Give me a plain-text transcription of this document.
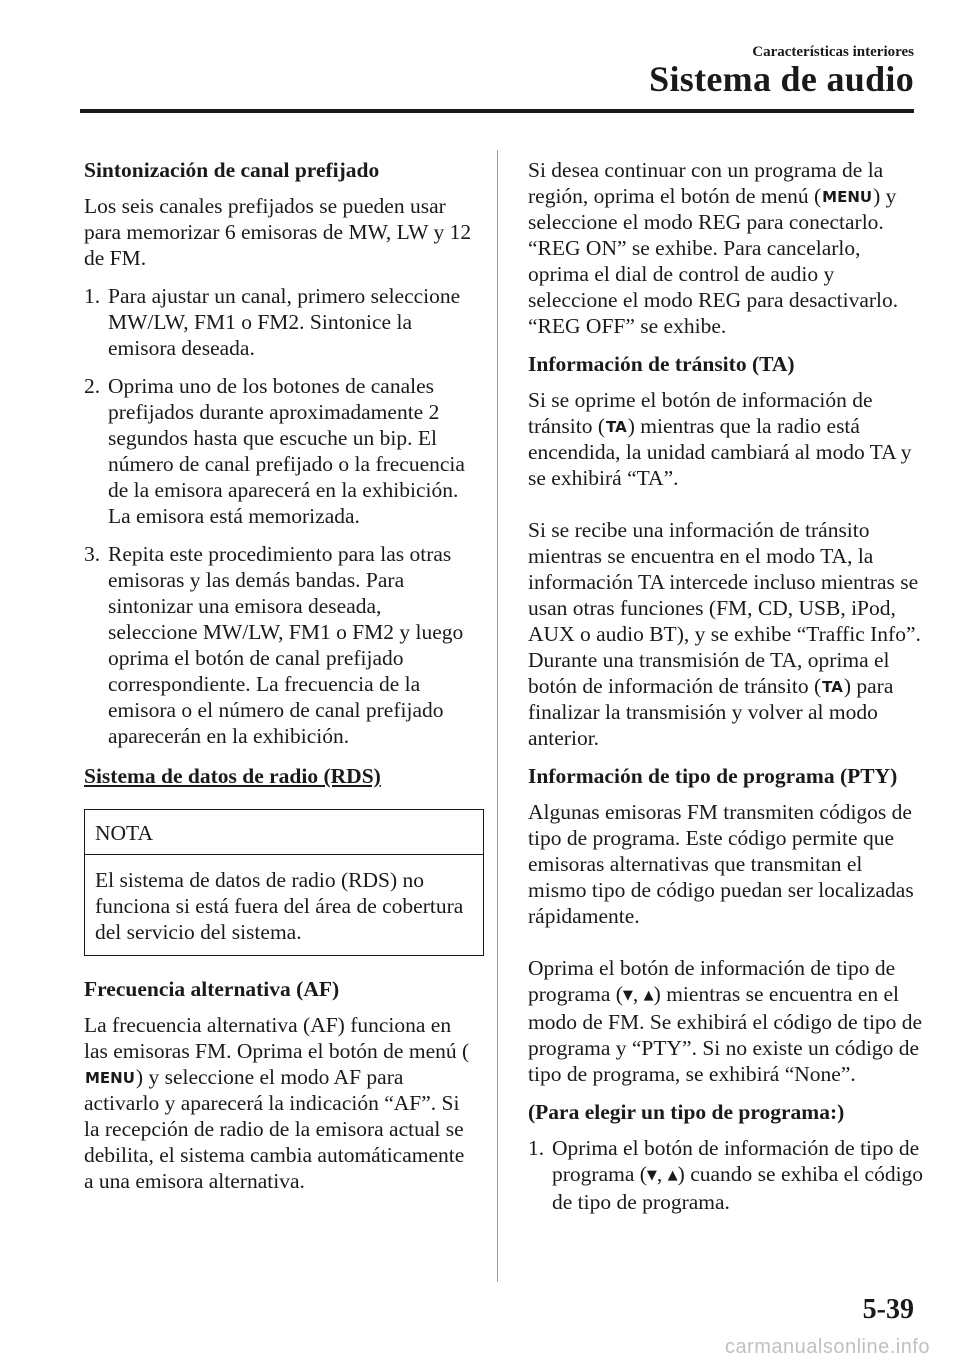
Características interiores
Sistema de audio

Sintonización de canal prefijado

Los seis canales prefijados se pueden usar para memorizar 6 emisoras de MW, LW y 12 de FM.

1. Para ajustar un canal, primero seleccione MW/LW, FM1 o FM2. Sintonice la emisora deseada.
2. Oprima uno de los botones de canales prefijados durante aproximadamente 2 segundos hasta que escuche un bip. El número de canal prefijado o la frecuencia de la emisora aparecerá en la exhibición. La emisora está memorizada.
3. Repita este procedimiento para las otras emisoras y las demás bandas. Para sintonizar una emisora deseada, seleccione MW/LW, FM1 o FM2 y luego oprima el botón de canal prefijado correspondiente. La frecuencia de la emisora o el número de canal prefijado aparecerán en la exhibición.

Sistema de datos de radio (RDS)

NOTA
El sistema de datos de radio (RDS) no funciona si está fuera del área de cobertura del servicio del sistema.

Frecuencia alternativa (AF)

La frecuencia alternativa (AF) funciona en las emisoras FM. Oprima el botón de menú (MENU) y seleccione el modo AF para activarlo y aparecerá la indicación “AF”. Si la recepción de radio de la emisora actual se debilita, el sistema cambia automáticamente a una emisora alternativa.

Si desea continuar con un programa de la región, oprima el botón de menú (MENU) y seleccione el modo REG para conectarlo. “REG ON” se exhibe. Para cancelarlo, oprima el dial de control de audio y seleccione el modo REG para desactivarlo. “REG OFF” se exhibe.

Información de tránsito (TA)

Si se oprime el botón de información de tránsito (TA) mientras que la radio está encendida, la unidad cambiará al modo TA y se exhibirá “TA”.

Si se recibe una información de tránsito mientras se encuentra en el modo TA, la información TA intercede incluso mientras se usan otras funciones (FM, CD, USB, iPod, AUX o audio BT), y se exhibe “Traffic Info”.

Durante una transmisión de TA, oprima el botón de información de tránsito (TA) para finalizar la transmisión y volver al modo anterior.

Información de tipo de programa (PTY)

Algunas emisoras FM transmiten códigos de tipo de programa. Este código permite que emisoras alternativas que transmitan el mismo tipo de código puedan ser localizadas rápidamente.

Oprima el botón de información de tipo de programa (▼, ▲) mientras se encuentra en el modo de FM. Se exhibirá el código de tipo de programa y “PTY”. Si no existe un código de tipo de programa, se exhibirá “None”.

(Para elegir un tipo de programa:)

1. Oprima el botón de información de tipo de programa (▼, ▲) cuando se exhiba el código de tipo de programa.
5-39
carmanualsonline.info
